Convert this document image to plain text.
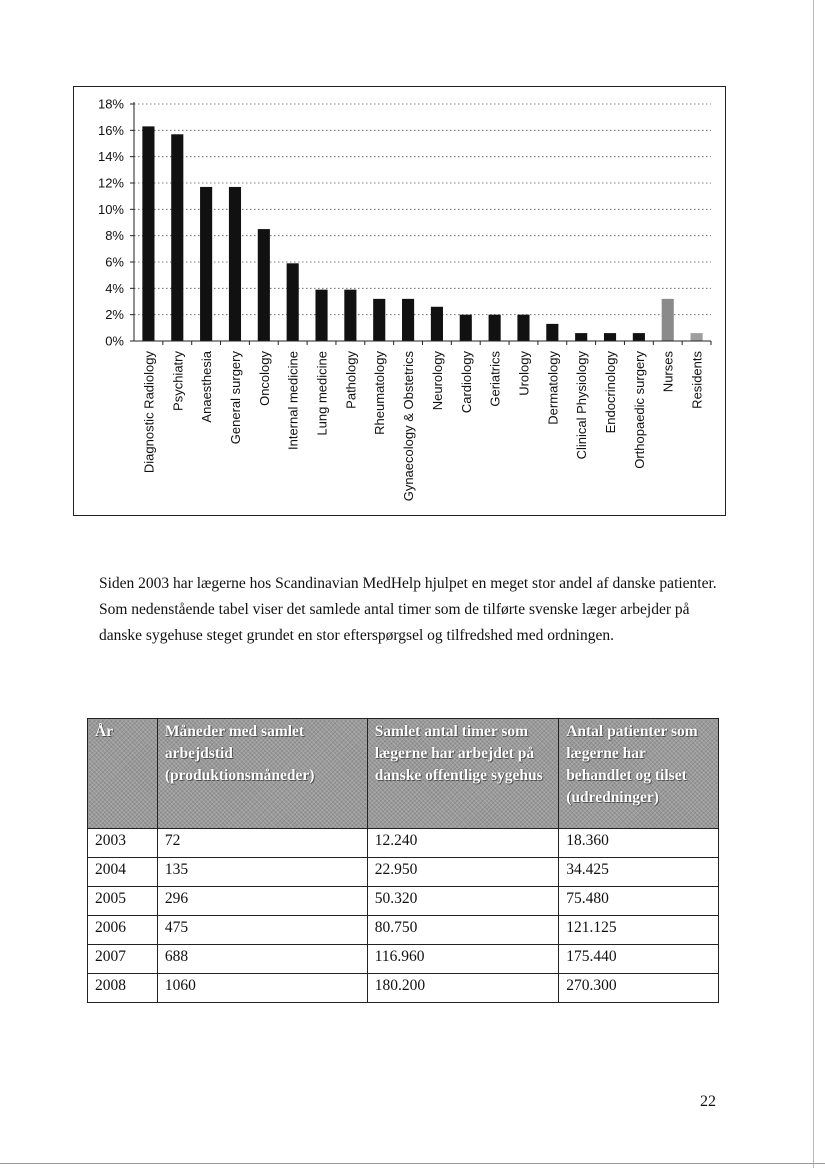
0%
2%
4%
6%
8%
10%
12%
14%
16%
18%
Diagnostic Radiology Psychiatry Anaesthesia General surgery Oncology Internal medicine Lung medicine Pathology Rheumatology Gynaecology & Obstetrics Neurology Cardiology Geriatrics Urology Dermatology Clinical Physiology Endocrinology Orthopaedic surgery Nurses Residents

Siden 2003 har lægerne hos Scandinavian MedHelp hjulpet en meget stor andel af danske patienter. Som nedenstående tabel viser det samlede antal timer som de tilførte svenske læger arbejder på danske sygehuse steget grundet en stor efterspørgsel og tilfredshed med ordningen.

År	Måneder med samlet arbejdstid (produktionsmåneder)	Samlet antal timer som lægerne har arbejdet på danske offentlige sygehus	Antal patienter som lægerne har behandlet og tilset (udredninger)
2003	72	12.240	18.360
2004	135	22.950	34.425
2005	296	50.320	75.480
2006	475	80.750	121.125
2007	688	116.960	175.440
2008	1060	180.200	270.300
22
